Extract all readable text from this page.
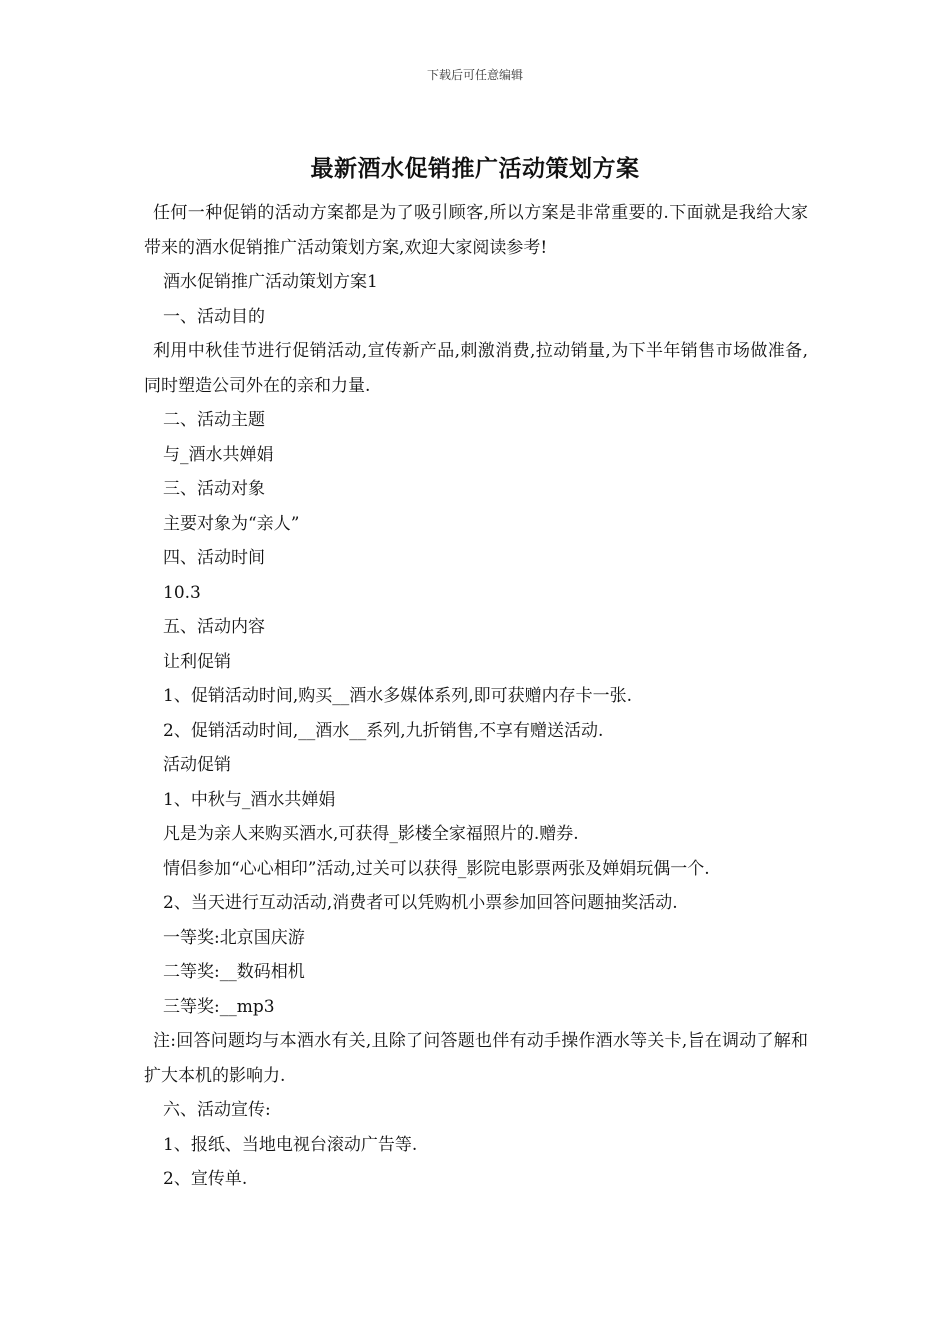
下载后可任意编辑
最新酒水促销推广活动策划方案

任何一种促销的活动方案都是为了吸引顾客,所以方案是非常重要的.下面就是我给大家带来的酒水促销推广活动策划方案,欢迎大家阅读参考!

酒水促销推广活动策划方案1

一、活动目的

利用中秋佳节进行促销活动,宣传新产品,刺激消费,拉动销量,为下半年销售市场做准备,同时塑造公司外在的亲和力量.

二、活动主题

与_酒水共婵娟

三、活动对象

主要对象为“亲人”

四、活动时间

10.3

五、活动内容

让利促销

1、促销活动时间,购买__酒水多媒体系列,即可获赠内存卡一张.

2、促销活动时间,__酒水__系列,九折销售,不享有赠送活动.

活动促销

1、中秋与_酒水共婵娟

凡是为亲人来购买酒水,可获得_影楼全家福照片的.赠券.

情侣参加“心心相印”活动,过关可以获得_影院电影票两张及婵娟玩偶一个.

2、当天进行互动活动,消费者可以凭购机小票参加回答问题抽奖活动.

一等奖:北京国庆游

二等奖:__数码相机

三等奖:__mp3

注:回答问题均与本酒水有关,且除了问答题也伴有动手操作酒水等关卡,旨在调动了解和扩大本机的影响力.

六、活动宣传:

1、报纸、当地电视台滚动广告等.

2、宣传单.
